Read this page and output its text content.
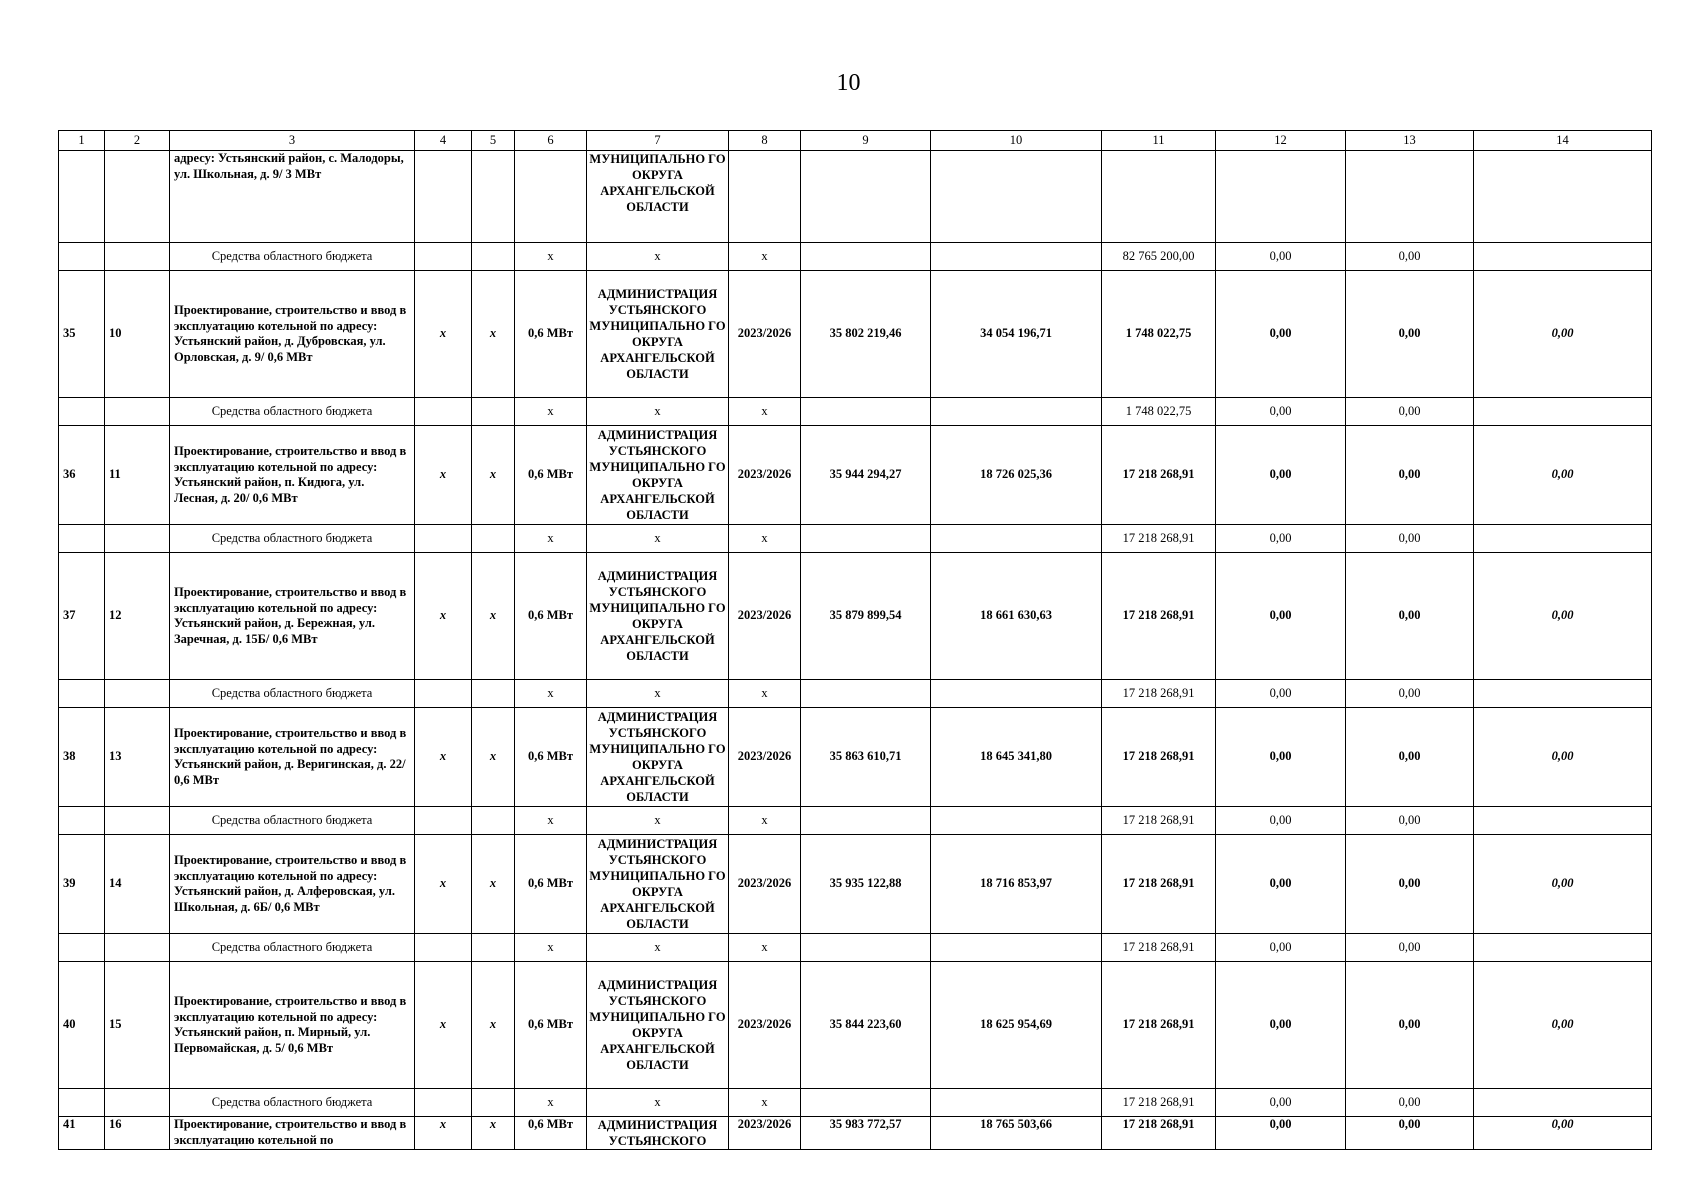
10
1	2	3	4	5	6	7	8	9	10	11	12	13	14
		адресу: Устьянский район, с. Малодоры, ул. Школьная, д. 9/ 3 МВт				МУНИЦИПАЛЬНО ГО ОКРУГА АРХАНГЕЛЬСКОЙ ОБЛАСТИ							
		Средства областного бюджета			х	х	х			82 765 200,00	0,00	0,00	
35	10	Проектирование, строительство и ввод в эксплуатацию котельной по адресу: Устьянский район, д. Дубровская, ул. Орловская, д. 9/ 0,6 МВт	х	х	0,6 МВт	АДМИНИСТРАЦИЯ УСТЬЯНСКОГО МУНИЦИПАЛЬНО ГО ОКРУГА АРХАНГЕЛЬСКОЙ ОБЛАСТИ	2023/2026	35 802 219,46	34 054 196,71	1 748 022,75	0,00	0,00	0,00
		Средства областного бюджета			х	х	х			1 748 022,75	0,00	0,00	
36	11	Проектирование, строительство и ввод в эксплуатацию котельной по адресу: Устьянский район, п. Кидюга, ул. Лесная, д. 20/ 0,6 МВт	х	х	0,6 МВт	АДМИНИСТРАЦИЯ УСТЬЯНСКОГО МУНИЦИПАЛЬНО ГО ОКРУГА АРХАНГЕЛЬСКОЙ ОБЛАСТИ	2023/2026	35 944 294,27	18 726 025,36	17 218 268,91	0,00	0,00	0,00
		Средства областного бюджета			х	х	х			17 218 268,91	0,00	0,00	
37	12	Проектирование, строительство и ввод в эксплуатацию котельной по адресу: Устьянский район, д. Бережная, ул. Заречная, д. 15Б/ 0,6 МВт	х	х	0,6 МВт	АДМИНИСТРАЦИЯ УСТЬЯНСКОГО МУНИЦИПАЛЬНО ГО ОКРУГА АРХАНГЕЛЬСКОЙ ОБЛАСТИ	2023/2026	35 879 899,54	18 661 630,63	17 218 268,91	0,00	0,00	0,00
		Средства областного бюджета			х	х	х			17 218 268,91	0,00	0,00	
38	13	Проектирование, строительство и ввод в эксплуатацию котельной по адресу: Устьянский район, д. Веригинская, д. 22/ 0,6 МВт	х	х	0,6 МВт	АДМИНИСТРАЦИЯ УСТЬЯНСКОГО МУНИЦИПАЛЬНО ГО ОКРУГА АРХАНГЕЛЬСКОЙ ОБЛАСТИ	2023/2026	35 863 610,71	18 645 341,80	17 218 268,91	0,00	0,00	0,00
		Средства областного бюджета			х	х	х			17 218 268,91	0,00	0,00	
39	14	Проектирование, строительство и ввод в эксплуатацию котельной по адресу: Устьянский район, д. Алферовская, ул. Школьная, д. 6Б/ 0,6 МВт	х	х	0,6 МВт	АДМИНИСТРАЦИЯ УСТЬЯНСКОГО МУНИЦИПАЛЬНО ГО ОКРУГА АРХАНГЕЛЬСКОЙ ОБЛАСТИ	2023/2026	35 935 122,88	18 716 853,97	17 218 268,91	0,00	0,00	0,00
		Средства областного бюджета			х	х	х			17 218 268,91	0,00	0,00	
40	15	Проектирование, строительство и ввод в эксплуатацию котельной по адресу: Устьянский район, п. Мирный, ул. Первомайская, д. 5/ 0,6 МВт	х	х	0,6 МВт	АДМИНИСТРАЦИЯ УСТЬЯНСКОГО МУНИЦИПАЛЬНО ГО ОКРУГА АРХАНГЕЛЬСКОЙ ОБЛАСТИ	2023/2026	35 844 223,60	18 625 954,69	17 218 268,91	0,00	0,00	0,00
		Средства областного бюджета			х	х	х			17 218 268,91	0,00	0,00	
41	16	Проектирование, строительство и ввод в эксплуатацию котельной по	х	х	0,6 МВт	АДМИНИСТРАЦИЯ УСТЬЯНСКОГО	2023/2026	35 983 772,57	18 765 503,66	17 218 268,91	0,00	0,00	0,00
